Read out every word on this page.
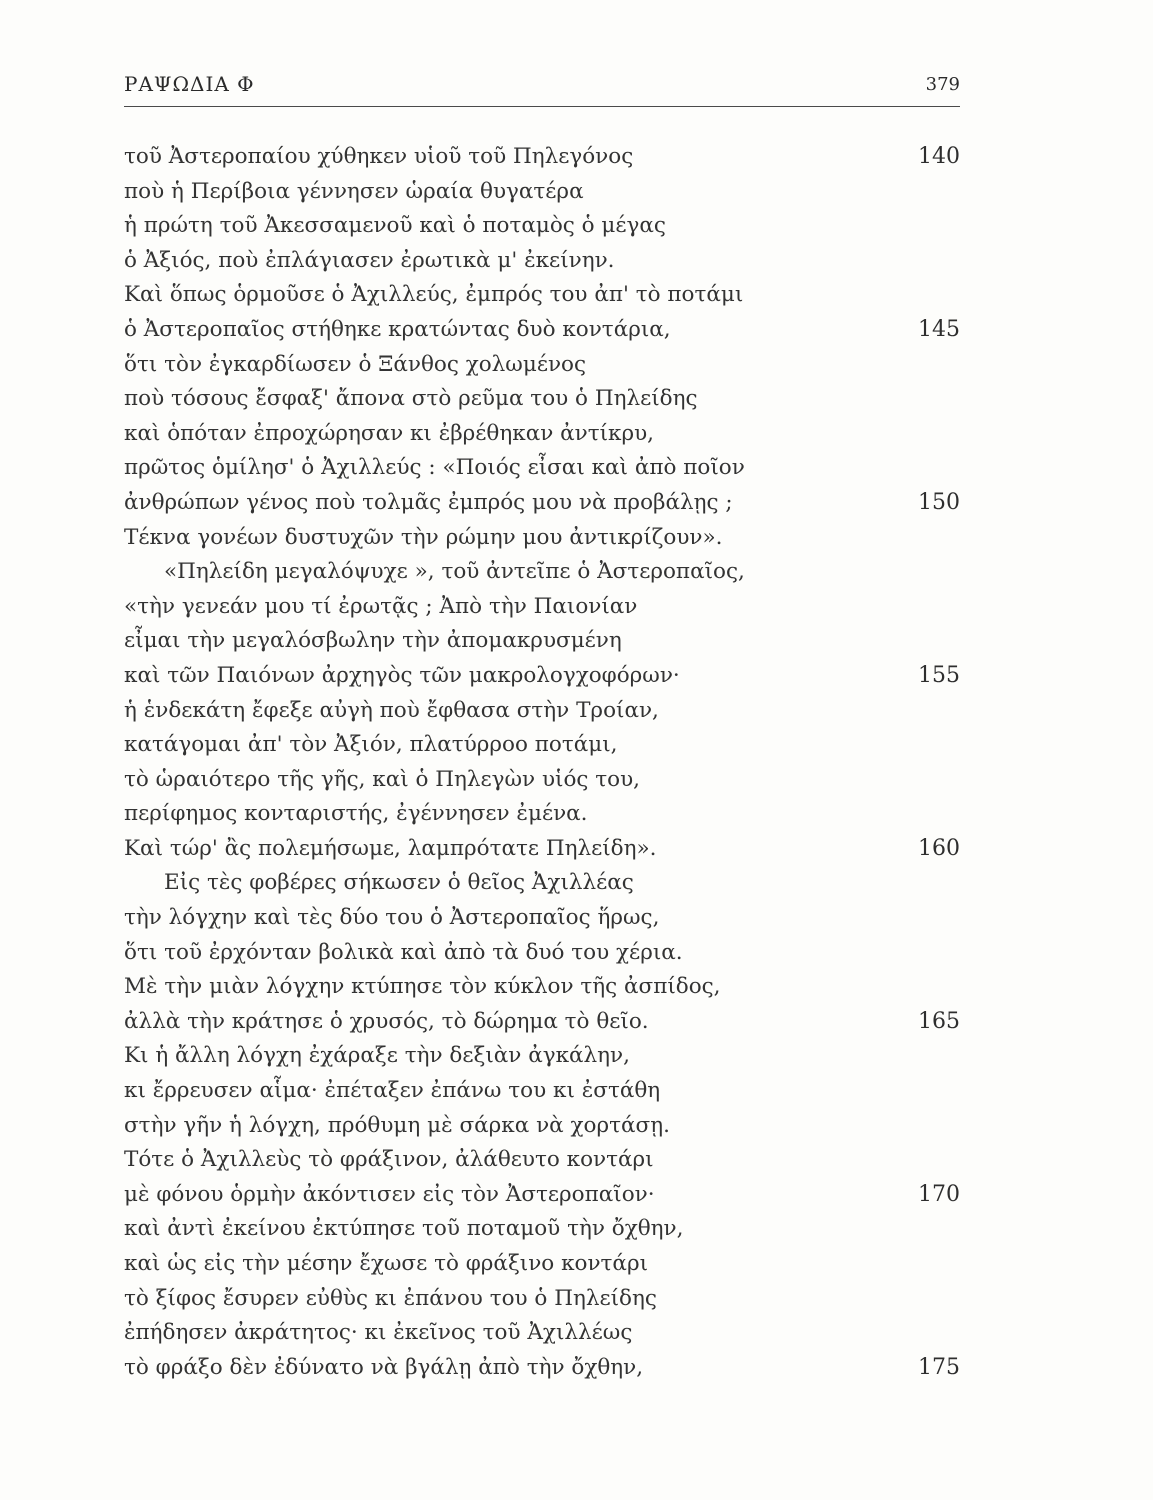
ΡΑΨΩΔΙΑ Φ	379
τοῦ Ἀστεροπαίου χύθηκεν υἱοῦ τοῦ Πηλεγόνος	140
ποὺ ἡ Περίβοια γέννησεν ὡραία θυγατέρα
ἡ πρώτη τοῦ Ἀκεσσαμενοῦ καὶ ὁ ποταμὸς ὁ μέγας
ὁ Ἀξιός, ποὺ ἐπλάγιασεν ἐρωτικὰ μ' ἐκείνην.
Καὶ ὅπως ὁρμοῦσε ὁ Ἀχιλλεύς, ἐμπρός του ἀπ' τὸ ποτάμι
ὁ Ἀστεροπαῖος στήθηκε κρατώντας δυὸ κοντάρια,	145
ὅτι τὸν ἐγκαρδίωσεν ὁ Ξάνθος χολωμένος
ποὺ τόσους ἔσφαξ' ἄπονα στὸ ρεῦμα του ὁ Πηλείδης
καὶ ὁπόταν ἐπροχώρησαν κι ἐβρέθηκαν ἀντίκρυ,
πρῶτος ὁμίλησ' ὁ Ἀχιλλεύς : «Ποιός εἶσαι καὶ ἀπὸ ποῖον
ἀνθρώπων γένος ποὺ τολμᾶς ἐμπρός μου νὰ προβάλῃς ;	150
Τέκνα γονέων δυστυχῶν τὴν ρώμην μου ἀντικρίζουν».
«Πηλείδη μεγαλόψυχε », τοῦ ἀντεῖπε ὁ Ἀστεροπαῖος,
«τὴν γενεάν μου τί ἐρωτᾷς ; Ἀπὸ τὴν Παιονίαν
εἶμαι τὴν μεγαλόσβωλην τὴν ἀπομακρυσμένη
καὶ τῶν Παιόνων ἀρχηγὸς τῶν μακρολογχοφόρων·	155
ἡ ἑνδεκάτη ἔφεξε αὐγὴ ποὺ ἔφθασα στὴν Τροίαν,
κατάγομαι ἀπ' τὸν Ἀξιόν, πλατύρροο ποτάμι,
τὸ ὡραιότερο τῆς γῆς, καὶ ὁ Πηλεγὼν υἱός του,
περίφημος κονταριστής, ἐγέννησεν ἐμένα.
Καὶ τώρ' ἂς πολεμήσωμε, λαμπρότατε Πηλείδη».	160
Εἰς τὲς φοβέρες σήκωσεν ὁ θεῖος Ἀχιλλέας
τὴν λόγχην καὶ τὲς δύο του ὁ Ἀστεροπαῖος ἥρως,
ὅτι τοῦ ἐρχόνταν βολικὰ καὶ ἀπὸ τὰ δυό του χέρια.
Μὲ τὴν μιὰν λόγχην κτύπησε τὸν κύκλον τῆς ἀσπίδος,
ἀλλὰ τὴν κράτησε ὁ χρυσός, τὸ δώρημα τὸ θεῖο.	165
Κι ἡ ἄλλη λόγχη ἐχάραξε τὴν δεξιὰν ἀγκάλην,
κι ἔρρευσεν αἷμα· ἐπέταξεν ἐπάνω του κι ἐστάθη
στὴν γῆν ἡ λόγχη, πρόθυμη μὲ σάρκα νὰ χορτάσῃ.
Τότε ὁ Ἀχιλλεὺς τὸ φράξινον, ἀλάθευτο κοντάρι
μὲ φόνου ὁρμὴν ἀκόντισεν εἰς τὸν Ἀστεροπαῖον·	170
καὶ ἀντὶ ἐκείνου ἐκτύπησε τοῦ ποταμοῦ τὴν ὄχθην,
καὶ ὡς εἰς τὴν μέσην ἔχωσε τὸ φράξινο κοντάρι
τὸ ξίφος ἔσυρεν εὐθὺς κι ἐπάνου του ὁ Πηλείδης
ἐπήδησεν ἀκράτητος· κι ἐκεῖνος τοῦ Ἀχιλλέως
τὸ φράξο δὲν ἐδύνατο νὰ βγάλῃ ἀπὸ τὴν ὄχθην,	175
